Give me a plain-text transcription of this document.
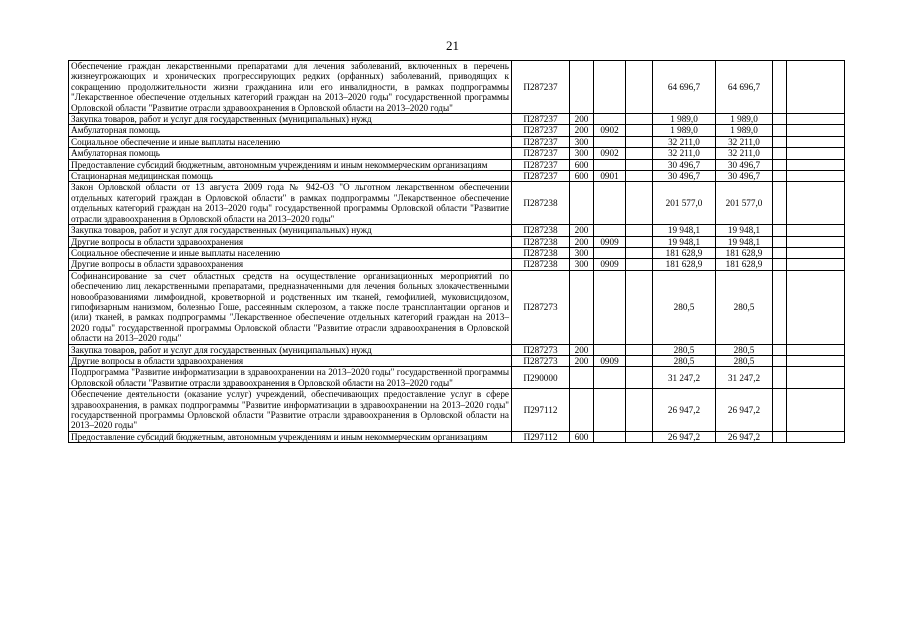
21
Обеспечение граждан лекарственными препаратами для лечения заболеваний, включенных в перечень жизнеугрожающих и хронических прогрессирующих редких (орфанных) заболеваний, приводящих к сокращению продолжительности жизни гражданина или его инвалидности, в рамках подпрограммы "Лекарственное обеспечение отдельных категорий граждан на 2013–2020 годы" государственной программы Орловской области "Развитие отрасли здравоохранения в Орловской области на 2013–2020 годы"	П287237				64 696,7	64 696,7		
Закупка товаров, работ и услуг для государственных (муниципальных) нужд	П287237	200			1 989,0	1 989,0		
Амбулаторная помощь	П287237	200	0902		1 989,0	1 989,0		
Социальное обеспечение и иные выплаты населению	П287237	300			32 211,0	32 211,0		
Амбулаторная помощь	П287237	300	0902		32 211,0	32 211,0		
Предоставление субсидий бюджетным, автономным учреждениям и иным некоммерческим организациям	П287237	600			30 496,7	30 496,7		
Стационарная медицинская помощь	П287237	600	0901		30 496,7	30 496,7		
Закон Орловской области от 13 августа 2009 года № 942-ОЗ "О льготном лекарственном обеспечении отдельных категорий граждан в Орловской области" в рамках подпрограммы "Лекарственное обеспечение отдельных категорий граждан на 2013–2020 годы" государственной программы Орловской области "Развитие отрасли здравоохранения в Орловской области на 2013–2020 годы"	П287238				201 577,0	201 577,0		
Закупка товаров, работ и услуг для государственных (муниципальных) нужд	П287238	200			19 948,1	19 948,1		
Другие вопросы в области здравоохранения	П287238	200	0909		19 948,1	19 948,1		
Социальное обеспечение и иные выплаты населению	П287238	300			181 628,9	181 628,9		
Другие вопросы в области здравоохранения	П287238	300	0909		181 628,9	181 628,9		
Софинансирование за счет областных средств на осуществление организационных мероприятий по обеспечению лиц лекарственными препаратами, предназначенными для лечения больных злокачественными новообразованиями лимфоидной, кроветворной и родственных им тканей, гемофилией, муковисцидозом, гипофизарным нанизмом, болезнью Гоше, рассеянным склерозом, а также после трансплантации органов и (или) тканей, в рамках подпрограммы "Лекарственное обеспечение отдельных категорий граждан на 2013–2020 годы" государственной программы Орловской области "Развитие отрасли здравоохранения в Орловской области на 2013–2020 годы"	П287273				280,5	280,5		
Закупка товаров, работ и услуг для государственных (муниципальных) нужд	П287273	200			280,5	280,5		
Другие вопросы в области здравоохранения	П287273	200	0909		280,5	280,5		
Подпрограмма "Развитие информатизации в здравоохранении на 2013–2020 годы" государственной программы Орловской области "Развитие отрасли здравоохранения в Орловской области на 2013–2020 годы"	П290000				31 247,2	31 247,2		
Обеспечение деятельности (оказание услуг) учреждений, обеспечивающих предоставление услуг в сфере здравоохранения, в рамках подпрограммы "Развитие информатизации в здравоохранении на 2013–2020 годы" государственной программы Орловской области "Развитие отрасли здравоохранения в Орловской области на 2013–2020 годы"	П297112				26 947,2	26 947,2		
Предоставление субсидий бюджетным, автономным учреждениям и иным некоммерческим организациям	П297112	600			26 947,2	26 947,2		
